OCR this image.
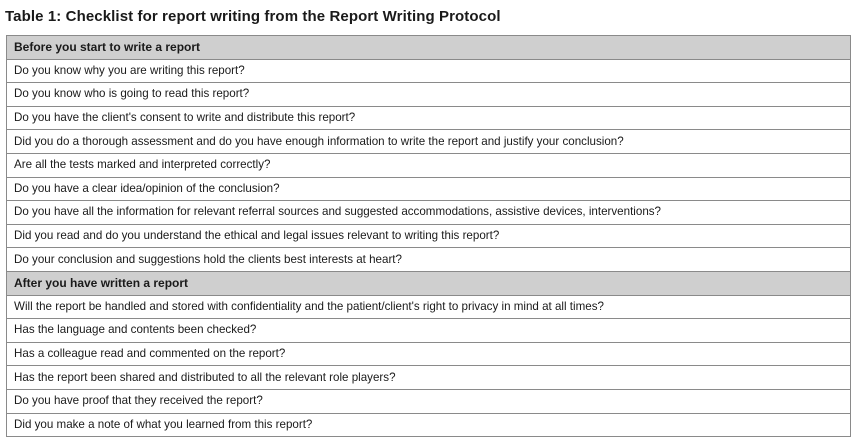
Table 1: Checklist for report writing from the Report Writing Protocol
Before you start to write a report
Do you know why you are writing this report?
Do you know who is going to read this report?
Do you have the client's consent to write and distribute this report?
Did you do a thorough assessment and do you have enough information to write the report and justify your conclusion?
Are all the tests marked and interpreted correctly?
Do you have a clear idea/opinion of the conclusion?
Do you have all the information for relevant referral sources and suggested accommodations, assistive devices, interventions?
Did you read and do you understand the ethical and legal issues relevant to writing this report?
Do your conclusion and suggestions hold the clients best interests at heart?
After you have written a report
Will the report be handled and stored with confidentiality and the patient/client's right to privacy in mind at all times?
Has the language and contents been checked?
Has a colleague read and commented on the report?
Has the report been shared and distributed to all the relevant role players?
Do you have proof that they received the report?
Did you make a note of what you learned from this report?
